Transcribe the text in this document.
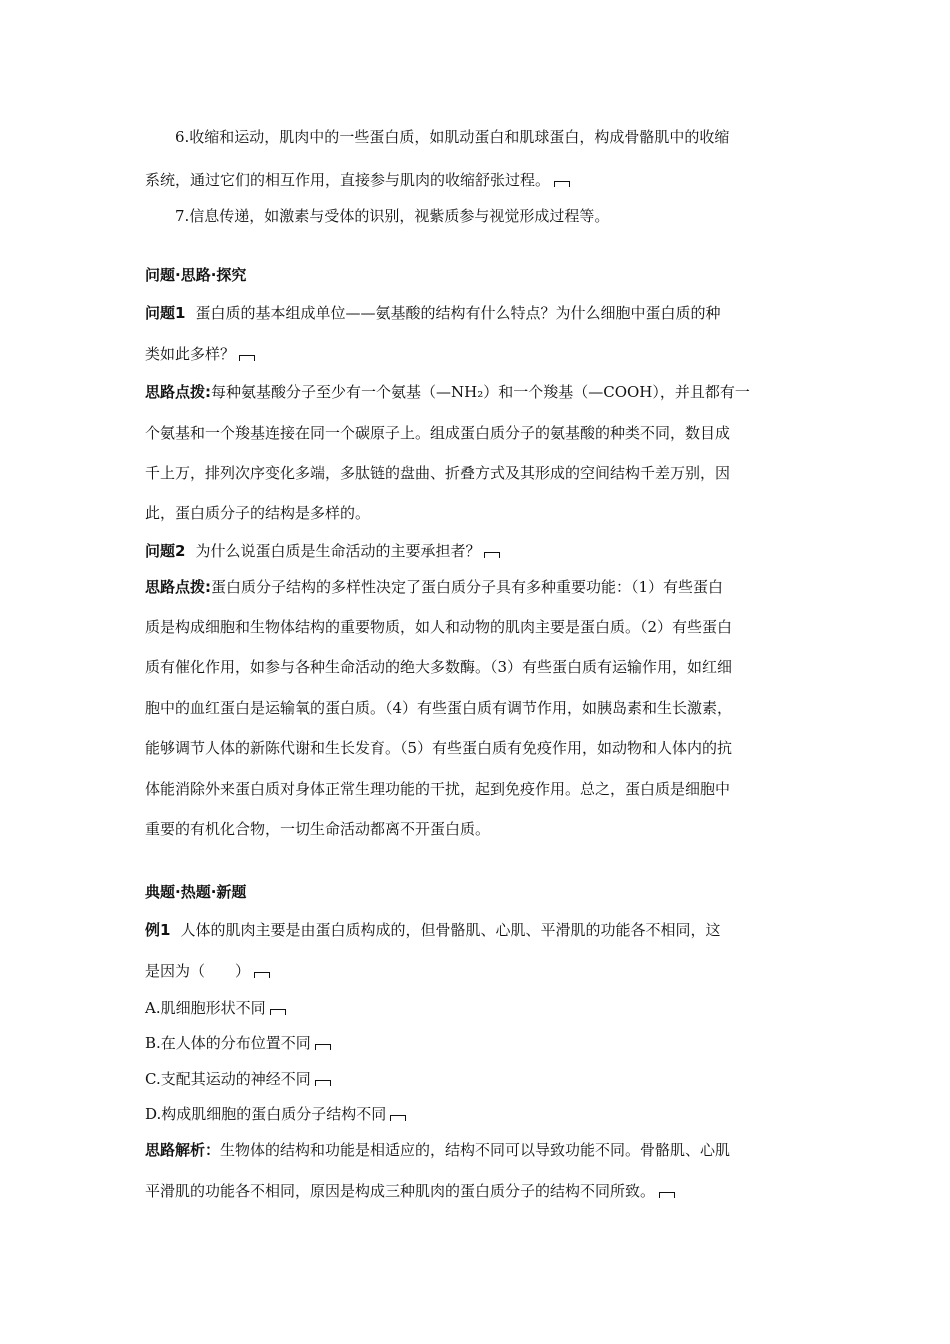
6.收缩和运动，肌肉中的一些蛋白质，如肌动蛋白和肌球蛋白，构成骨骼肌中的收缩
系统，通过它们的相互作用，直接参与肌肉的收缩舒张过程。
7.信息传递，如激素与受体的识别，视紫质参与视觉形成过程等。
问题·思路·探究
问题1 蛋白质的基本组成单位——氨基酸的结构有什么特点？为什么细胞中蛋白质的种
类如此多样？
思路点拨:每种氨基酸分子至少有一个氨基（—NH₂）和一个羧基（—COOH），并且都有一
个氨基和一个羧基连接在同一个碳原子上。组成蛋白质分子的氨基酸的种类不同，数目成
千上万，排列次序变化多端，多肽链的盘曲、折叠方式及其形成的空间结构千差万别，因
此，蛋白质分子的结构是多样的。
问题2 为什么说蛋白质是生命活动的主要承担者？
思路点拨:蛋白质分子结构的多样性决定了蛋白质分子具有多种重要功能：（1）有些蛋白
质是构成细胞和生物体结构的重要物质，如人和动物的肌肉主要是蛋白质。（2）有些蛋白
质有催化作用，如参与各种生命活动的绝大多数酶。（3）有些蛋白质有运输作用，如红细
胞中的血红蛋白是运输氧的蛋白质。（4）有些蛋白质有调节作用，如胰岛素和生长激素，
能够调节人体的新陈代谢和生长发育。（5）有些蛋白质有免疫作用，如动物和人体内的抗
体能消除外来蛋白质对身体正常生理功能的干扰，起到免疫作用。总之，蛋白质是细胞中
重要的有机化合物，一切生命活动都离不开蛋白质。
典题·热题·新题
例1 人体的肌肉主要是由蛋白质构成的，但骨骼肌、心肌、平滑肌的功能各不相同，这
是因为（　　）
A.肌细胞形状不同
B.在人体的分布位置不同
C.支配其运动的神经不同
D.构成肌细胞的蛋白质分子结构不同
思路解析：生物体的结构和功能是相适应的，结构不同可以导致功能不同。骨骼肌、心肌
平滑肌的功能各不相同，原因是构成三种肌肉的蛋白质分子的结构不同所致。
